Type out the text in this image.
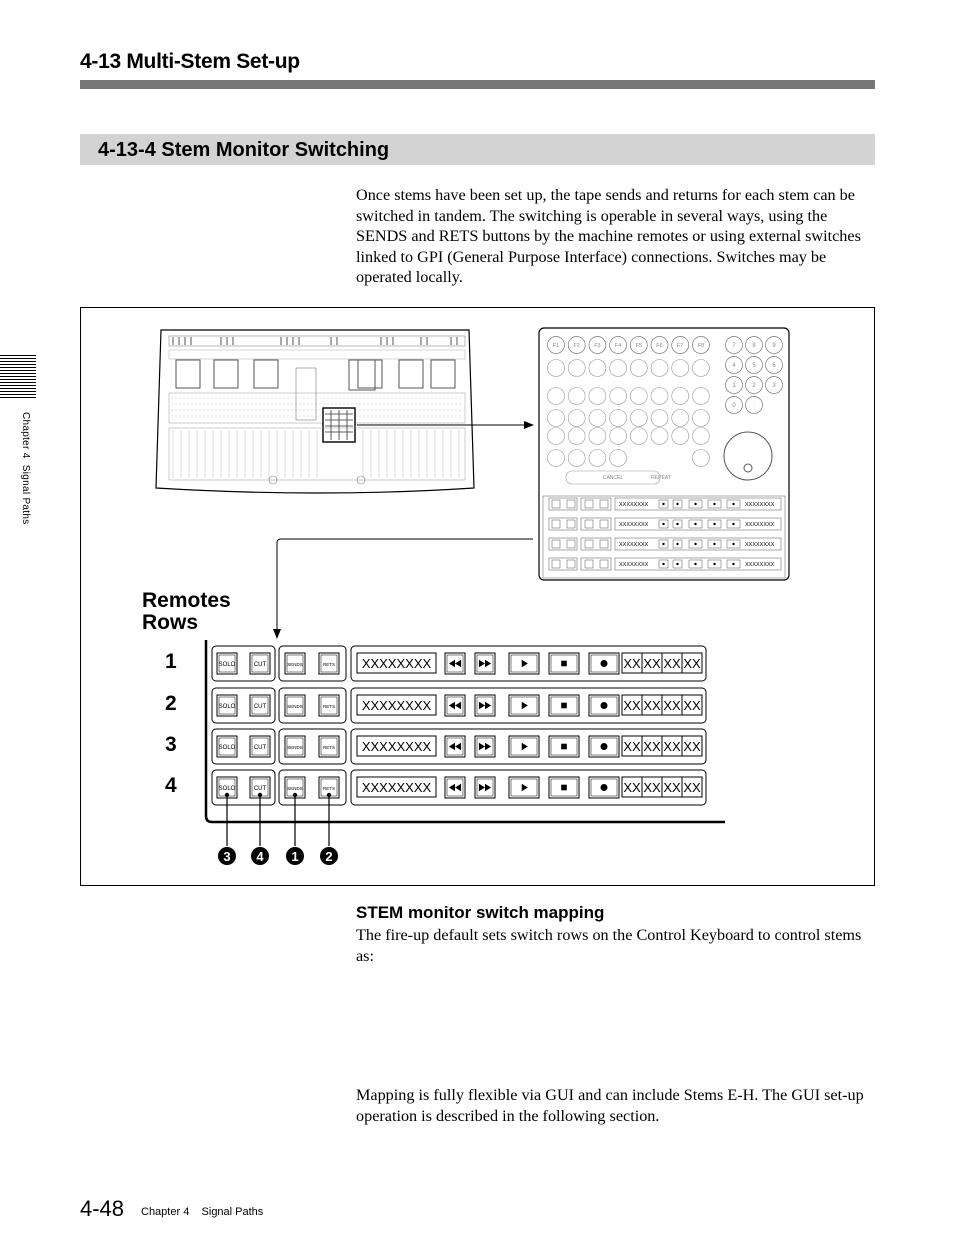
4-13 Multi-Stem Set-up
4-13-4 Stem Monitor Switching

Once stems have been set up, the tape sends and returns for each stem can be switched in tandem. The switching is operable in several ways, using the SENDS and RETS buttons by the machine remotes or using external switches linked to GPI (General Purpose Interface) connections. Switches may be operated locally.

F1	F2	F3	F4	F5	F6	F7	F8	7	8	9
4	5	6
1	2	3
0	:
CANCEL	REPEAT
XXXXXXXX	XXXXXXXX
XXXXXXXX	XXXXXXXX
XXXXXXXX	XXXXXXXX
XXXXXXXX	XXXXXXXX
Remotes
Rows
1	SOLO	CUT	SENDS	RETS XXXXXXXX	XX XX XX XX
2	SOLO	CUT	SENDS	RETS XXXXXXXX	XX XX XX XX
3	SOLO	CUT	SENDS	RETS XXXXXXXX	XX XX XX XX
4	SOLO	CUT	SENDS	RETS XXXXXXXX	XX XX XX XX
3 4 1 2
Chapter 4  Signal Paths
STEM monitor switch mapping

The fire-up default sets switch rows on the Control Keyboard to control stems as:

Mapping is fully flexible via GUI and can include Stems E-H. The GUI set-up operation is described in the following section.

4-48 Chapter 4    Signal Paths
